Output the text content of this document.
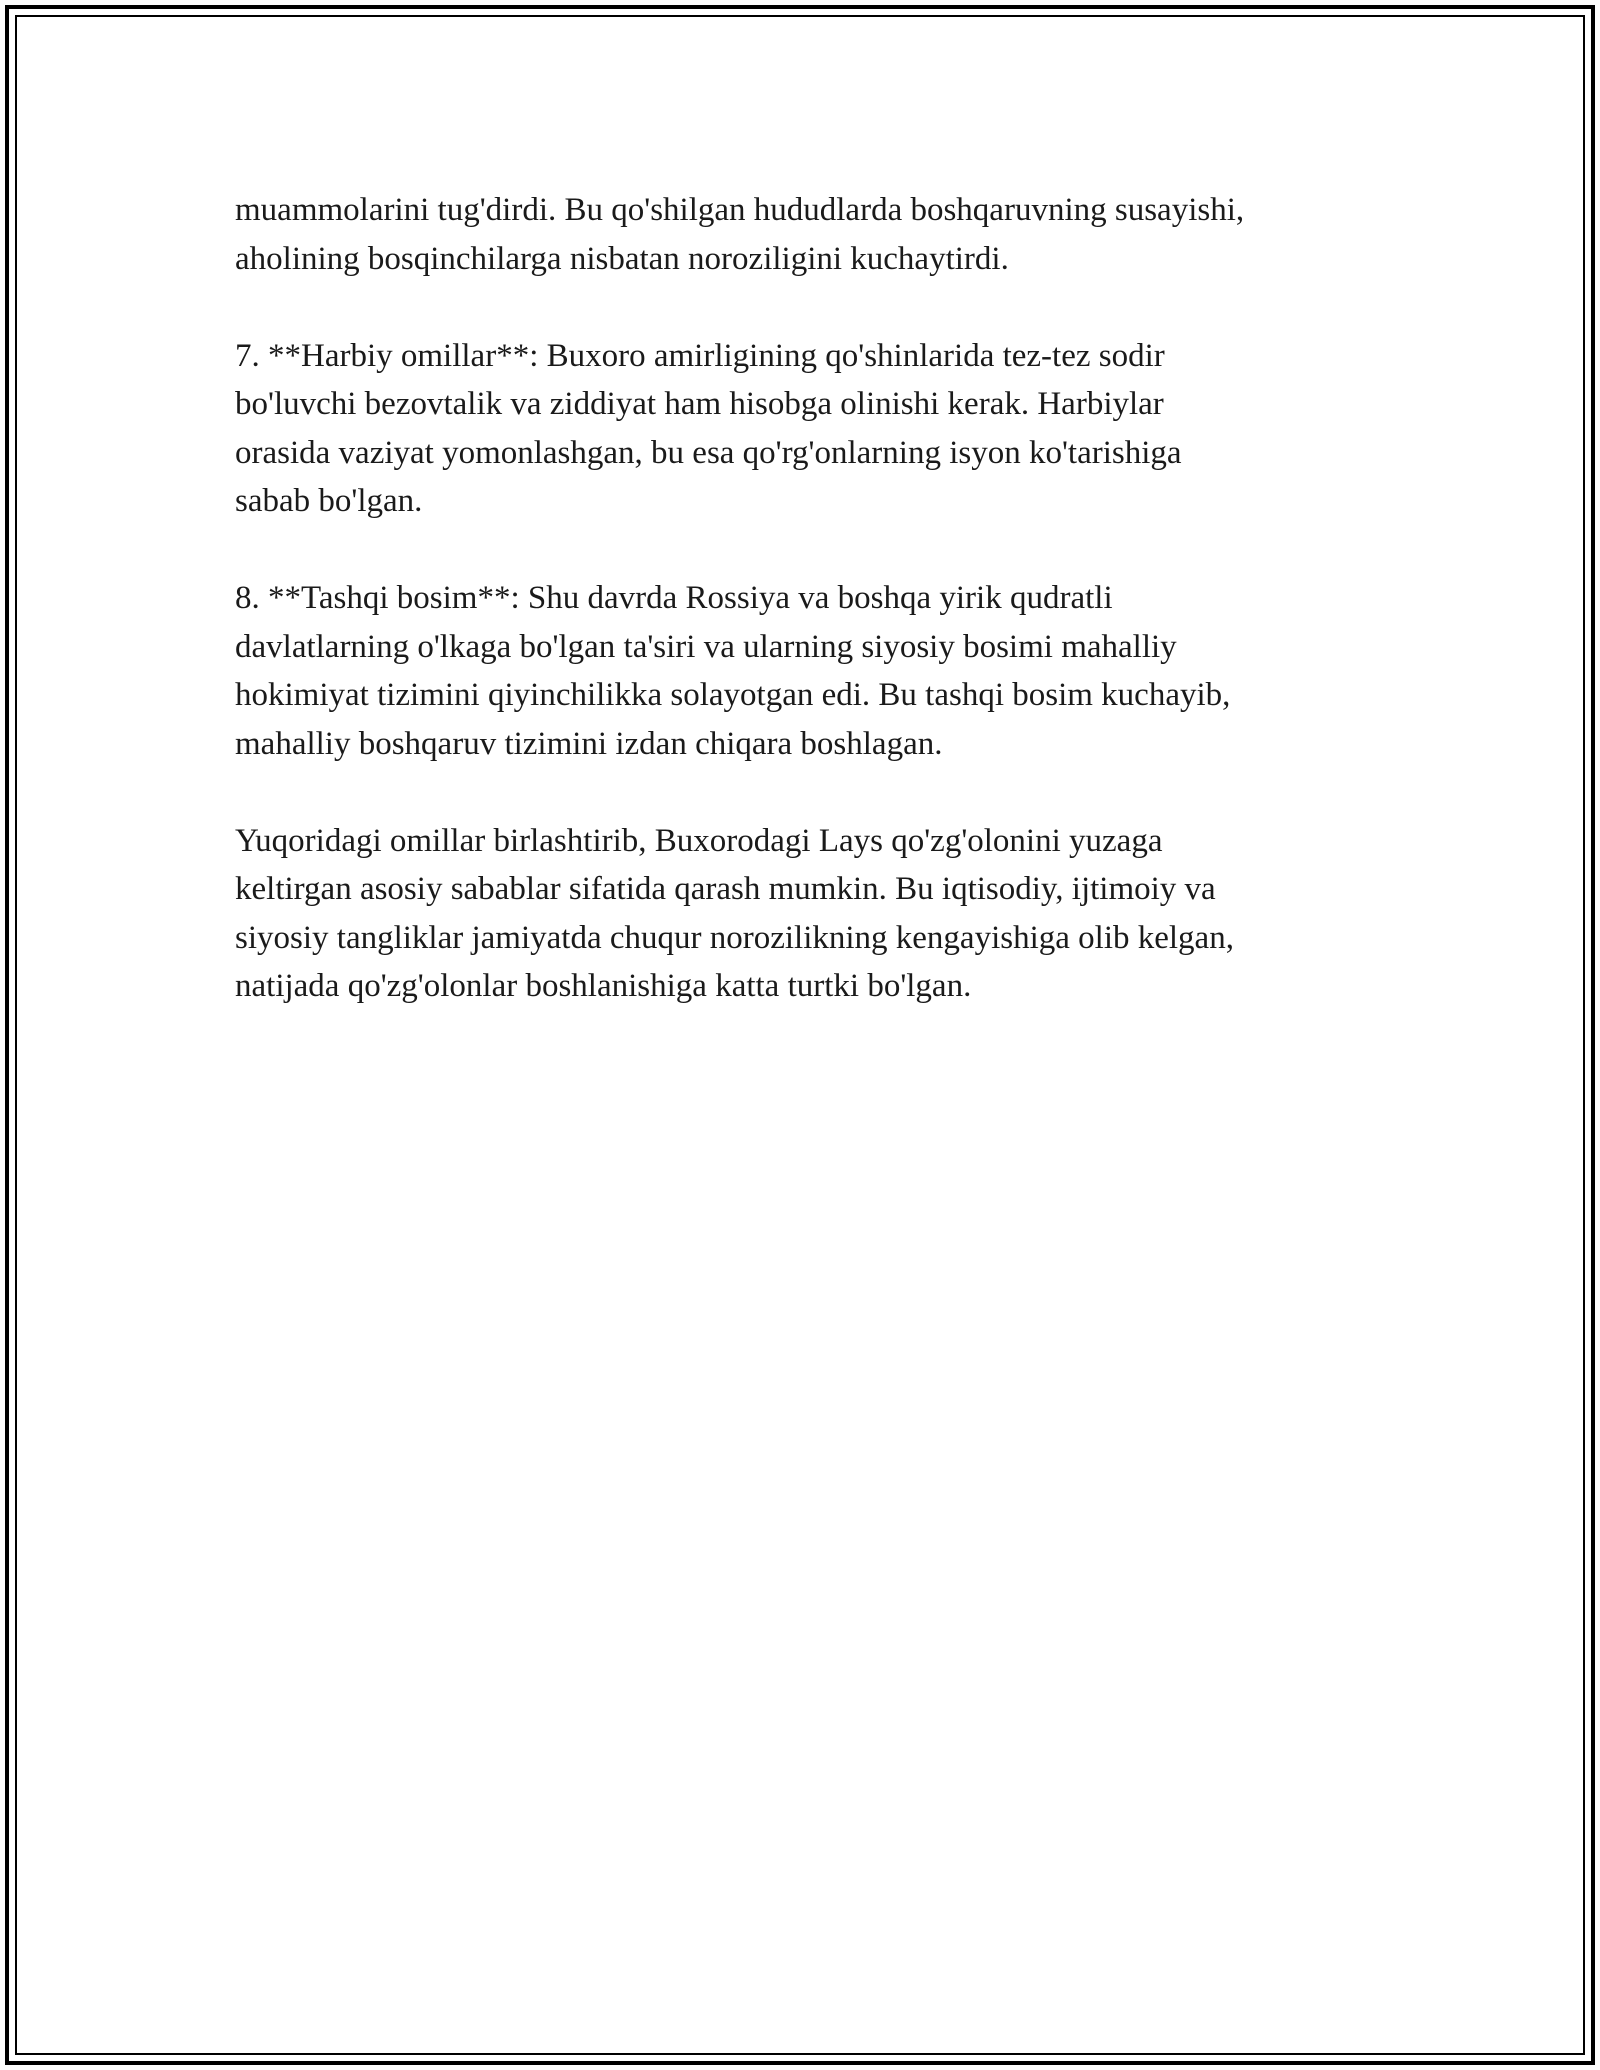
muammolarini tug'dirdi. Bu qo'shilgan hududlarda boshqaruvning susayishi,
aholining bosqinchilarga nisbatan noroziligini kuchaytirdi.

7. **Harbiy omillar**: Buxoro amirligining qo'shinlarida tez-tez sodir
bo'luvchi bezovtalik va ziddiyat ham hisobga olinishi kerak. Harbiylar
orasida vaziyat yomonlashgan, bu esa qo'rg'onlarning isyon ko'tarishiga
sabab bo'lgan.

8. **Tashqi bosim**: Shu davrda Rossiya va boshqa yirik qudratli
davlatlarning o'lkaga bo'lgan ta'siri va ularning siyosiy bosimi mahalliy
hokimiyat tizimini qiyinchilikka solayotgan edi. Bu tashqi bosim kuchayib,
mahalliy boshqaruv tizimini izdan chiqara boshlagan.

Yuqoridagi omillar birlashtirib, Buxorodagi Lays qo'zg'olonini yuzaga
keltirgan asosiy sabablar sifatida qarash mumkin. Bu iqtisodiy, ijtimoiy va
siyosiy tangliklar jamiyatda chuqur norozilikning kengayishiga olib kelgan,
natijada qo'zg'olonlar boshlanishiga katta turtki bo'lgan.
